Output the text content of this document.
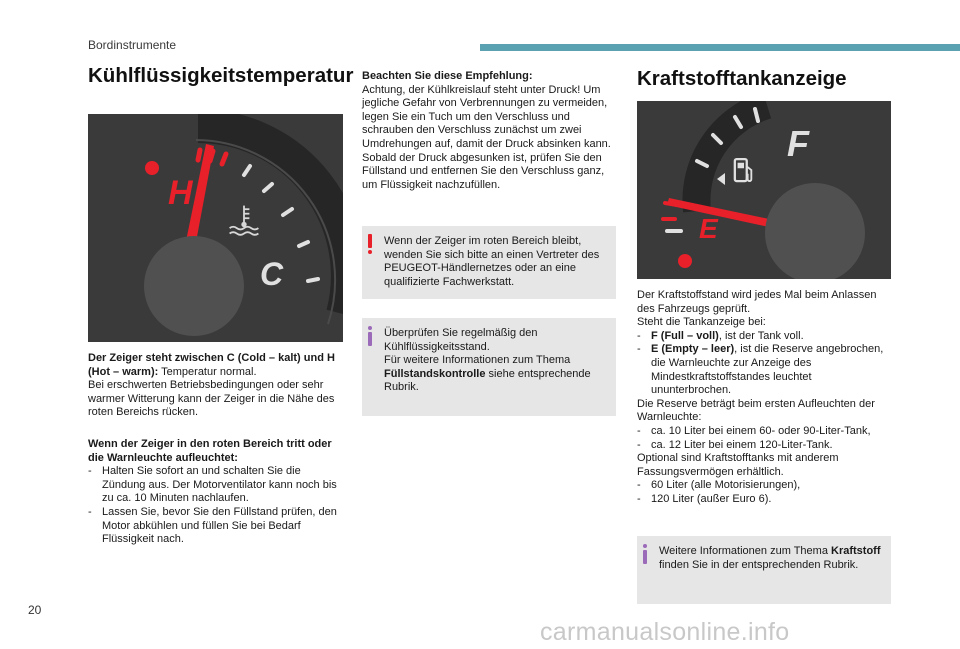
Bordinstrumente
Kühlflüssigkeitstemperatur
H
C

Der Zeiger steht zwischen C (Cold – kalt) und H (Hot – warm): Temperatur normal.

Bei erschwerten Betriebsbedingungen oder sehr warmer Witterung kann der Zeiger in die Nähe des roten Bereichs rücken.

Wenn der Zeiger in den roten Bereich tritt oder die Warnleuchte aufleuchtet:

- Halten Sie sofort an und schalten Sie die Zündung aus. Der Motorventilator kann noch bis zu ca. 10 Minuten nachlaufen.
- Lassen Sie, bevor Sie den Füllstand prüfen, den Motor abkühlen und füllen Sie bei Bedarf Flüssigkeit nach.

Beachten Sie diese Empfehlung:

Achtung, der Kühlkreislauf steht unter Druck! Um jegliche Gefahr von Verbrennungen zu vermeiden, legen Sie ein Tuch um den Verschluss und schrauben den Verschluss zunächst um zwei Umdrehungen auf, damit der Druck absinken kann. Sobald der Druck abgesunken ist, prüfen Sie den Füllstand und entfernen Sie den Verschluss ganz, um Flüssigkeit nachzufüllen.

Wenn der Zeiger im roten Bereich bleibt, wenden Sie sich bitte an einen Vertreter des PEUGEOT-Händlernetzes oder an eine qualifizierte Fachwerkstatt.
Überprüfen Sie regelmäßig den Kühlflüssigkeitsstand.
Für weitere Informationen zum Thema Füllstandskontrolle siehe entsprechende Rubrik.
Kraftstofftankanzeige
F
E

Der Kraftstoffstand wird jedes Mal beim Anlassen des Fahrzeugs geprüft.

Steht die Tankanzeige bei:

- F (Full – voll), ist der Tank voll.
- E (Empty – leer), ist die Reserve angebrochen, die Warnleuchte zur Anzeige des Mindestkraftstoffstandes leuchtet ununterbrochen.

Die Reserve beträgt beim ersten Aufleuchten der Warnleuchte:

- ca. 10 Liter bei einem 60- oder 90-Liter-Tank,
- ca. 12 Liter bei einem 120-Liter-Tank.

Optional sind Kraftstofftanks mit anderem Fassungsvermögen erhältlich.

- 60 Liter (alle Motorisierungen),
- 120 Liter (außer Euro 6).
Weitere Informationen zum Thema Kraftstoff finden Sie in der entsprechenden Rubrik.
20
carmanualsonline.info
